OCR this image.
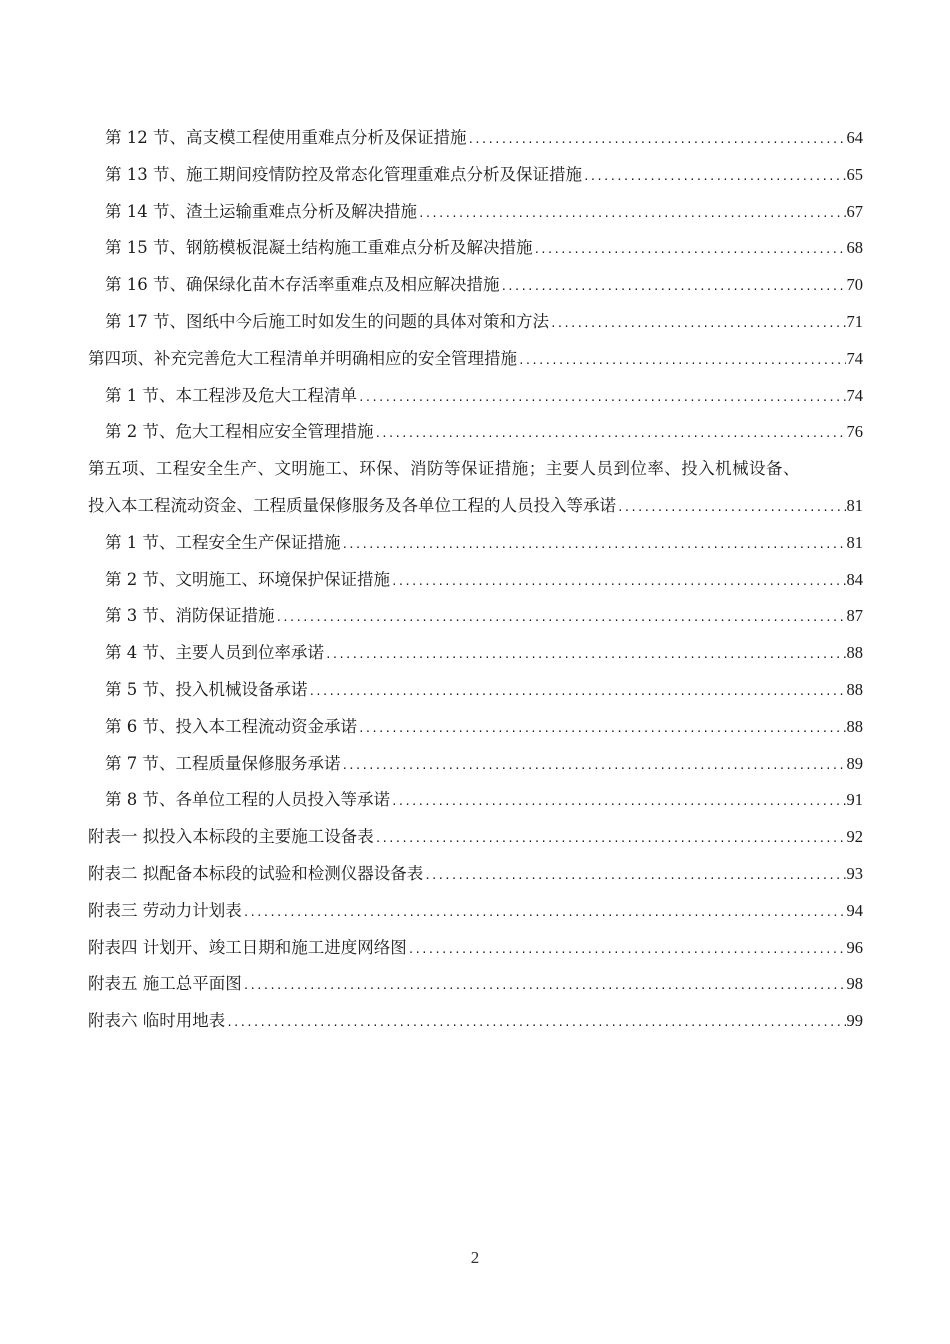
第 12 节、高支模工程使用重难点分析及保证措施 .....	64
第 13 节、施工期间疫情防控及常态化管理重难点分析及保证措施 .....	65
第 14 节、渣土运输重难点分析及解决措施 .....	67
第 15 节、钢筋模板混凝土结构施工重难点分析及解决措施 .....	68
第 16 节、确保绿化苗木存活率重难点及相应解决措施 .....	70
第 17 节、图纸中今后施工时如发生的问题的具体对策和方法 .....	71
第四项、补充完善危大工程清单并明确相应的安全管理措施 .....	74
第 1 节、本工程涉及危大工程清单 .....	74
第 2 节、危大工程相应安全管理措施 .....	76
第五项、工程安全生产、文明施工、环保、消防等保证措施；主要人员到位率、投入机械设备、
投入本工程流动资金、工程质量保修服务及各单位工程的人员投入等承诺 .....	81
第 1 节、工程安全生产保证措施 .....	81
第 2 节、文明施工、环境保护保证措施 .....	84
第 3 节、消防保证措施 .....	87
第 4 节、主要人员到位率承诺 .....	88
第 5 节、投入机械设备承诺 .....	88
第 6 节、投入本工程流动资金承诺 .....	88
第 7 节、工程质量保修服务承诺 .....	89
第 8 节、各单位工程的人员投入等承诺 .....	91
附表一 拟投入本标段的主要施工设备表 .....	92
附表二 拟配备本标段的试验和检测仪器设备表 .....	93
附表三 劳动力计划表 .....	94
附表四 计划开、竣工日期和施工进度网络图 .....	96
附表五 施工总平面图 .....	98
附表六 临时用地表 .....	99
2
